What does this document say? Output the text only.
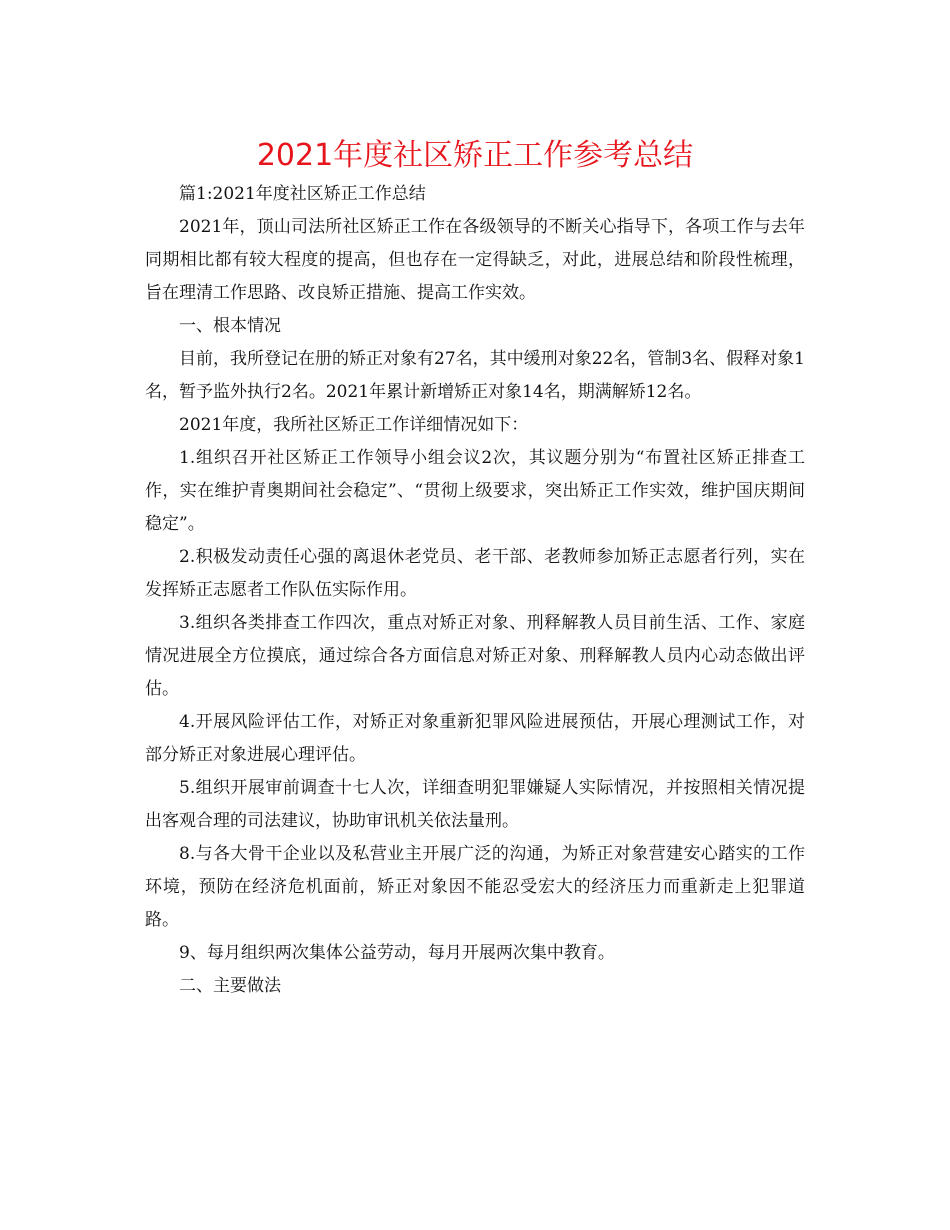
2021年度社区矫正工作参考总结

篇1:2021年度社区矫正工作总结

2021年，顶山司法所社区矫正工作在各级领导的不断关心指导下，各项工作与去年同期相比都有较大程度的提高，但也存在一定得缺乏，对此，进展总结和阶段性梳理，旨在理清工作思路、改良矫正措施、提高工作实效。

一、根本情况

目前，我所登记在册的矫正对象有27名，其中缓刑对象22名，管制3名、假释对象1名，暂予监外执行2名。2021年累计新增矫正对象14名，期满解矫12名。

2021年度，我所社区矫正工作详细情况如下：

1.组织召开社区矫正工作领导小组会议2次，其议题分别为“布置社区矫正排查工作，实在维护青奥期间社会稳定”、“贯彻上级要求，突出矫正工作实效，维护国庆期间稳定”。

2.积极发动责任心强的离退休老党员、老干部、老教师参加矫正志愿者行列，实在发挥矫正志愿者工作队伍实际作用。

3.组织各类排查工作四次，重点对矫正对象、刑释解教人员目前生活、工作、家庭情况进展全方位摸底，通过综合各方面信息对矫正对象、刑释解教人员内心动态做出评估。

4.开展风险评估工作，对矫正对象重新犯罪风险进展预估，开展心理测试工作，对部分矫正对象进展心理评估。

5.组织开展审前调查十七人次，详细查明犯罪嫌疑人实际情况，并按照相关情况提出客观合理的司法建议，协助审讯机关依法量刑。

8.与各大骨干企业以及私营业主开展广泛的沟通，为矫正对象营建安心踏实的工作环境，预防在经济危机面前，矫正对象因不能忍受宏大的经济压力而重新走上犯罪道路。

9、每月组织两次集体公益劳动，每月开展两次集中教育。

二、主要做法
